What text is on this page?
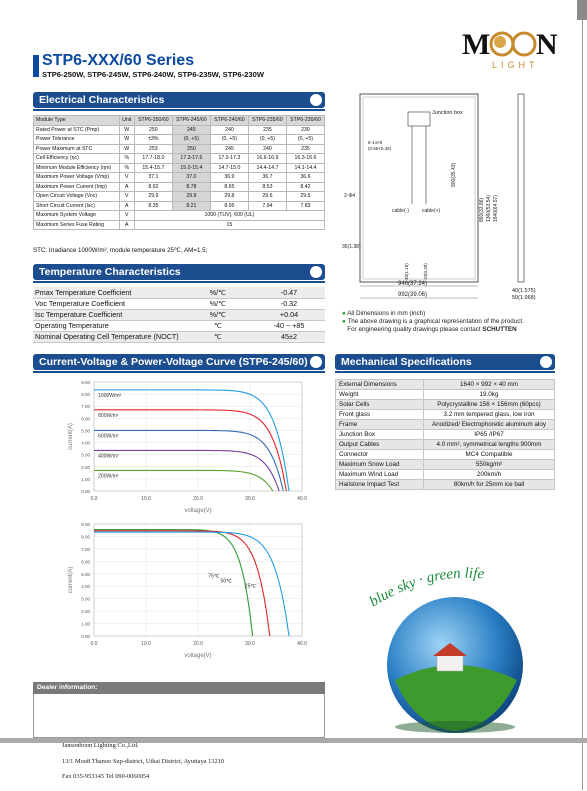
M N
LIGHT
STP6-XXX/60 Series
STP6-250W, STP6-245W, STP6-240W, STP6-235W, STP6-230W
Electrical Characteristics
Module Type	Unit	STP6-250/60	STP6-245/60	STP6-240/60	STP6-235/60	STP6-230/60
Rated Power at STC (Pmp)	W	250	245	240	235	230
Power Tolerance	W	±3%	(0, +5)	(0, +5)	(0, +5)	(0, +5)
Power Maximum at STC	W	253	250	245	240	235
Cell Efficiency (ηc)	%	17.7-18.0	17.3-17.6	17.0-17.3	16.6-16.9	16.3-16.6
Minimum Module Efficiency (ηm)	%	15.4-15.7	15.0-15.4	14.7-15.0	14.4-14.7	14.1-14.4
Maximum Power Voltage (Vmp)	V	37.1	37.0	36.9	36.7	36.6
Maximum Power Current (Imp)	A	8.92	8.78	8.65	8.53	8.42
Open Circuit Voltage (Voc)	V	29.9	29.9	29.8	29.6	29.5
Short Circuit Current (Isc)	A	8.35	8.21	8.05	7.94	7.83
Maximum System Voltage	V	1000 (TUV), 600 (UL)				
Maximum Series Fuse Rating	A	15				
STC: Irradiance 1000W/m², module temperature 25℃, AM=1.5;
Temperature Characteristics
Pmax Temperature Coefficient	%/℃	-0.47
Voc Temperature Coefficient	%/℃	-0.32
Isc Temperature Coefficient	%/℃	+0.04
Operating Temperature	℃	-40 ~ +85
Nominal Operating Cell Temperature (NOCT)	℃	45±2
Junction box
8-14×9
(0.55×0.35)
2-Φ4
cable(-)	cable(+)
900(35.43)
860(33.86) 1360(53.54) 1640(64.57)
35(1.38)
30(1.18)	10(0.39)
946(37.24)
992(39.06)
40(1.575)
50(1.968)
● All Dimensions in mm (inch)
● The above drawing is a graphical representation of the product.
For engineering quality drawings please contact SCHUTTEN
Current-Voltage & Power-Voltage Curve (STP6-245/60)	Mechanical Specifications
External Dimensions	1640 × 992 × 40 mm
Weight	19.0kg
Solar Cells	Polycrystalline 156 × 156mm (60pcs)
Front glass	3.2 mm tempered glass, low iron
Frame	Anodized/ Electrophoretic aluminum aloy
Junction Box	IP65 /IP67
Output Cables	4.0 mm², symmetrical lengths 900mm
Connector	MC4 Compatible
Maximum Snow Load	550kg/m²
Maximum Wind Load	200km/h
Hailstone Impact Test	80km/h for 25mm ice ball
0.00
1.00
2.00
3.00
4.00
5.00
6.00
7.00
8.00
9.00
0.0	10.0	20.0	30.0	40.0
voltage(V)
current(A)
1000W/m²
800W/m²
600W/m²
400W/m²
200W/m²
0.00
1.00
2.00
3.00
4.00
5.00
6.00
7.00
8.00
9.00
0.0	10.0	20.0	30.0	40.0
voltage(V)
current(A)	75℃
50℃
25℃
blue sky · green life
Dealer information:
Jansonboon Lighting Co.,Ltd.
13/1 Moo8 Thanoo Sup-district, Uthai District, Ayuttaya 13210
Fax 035-953145 Tel 090-0060054
